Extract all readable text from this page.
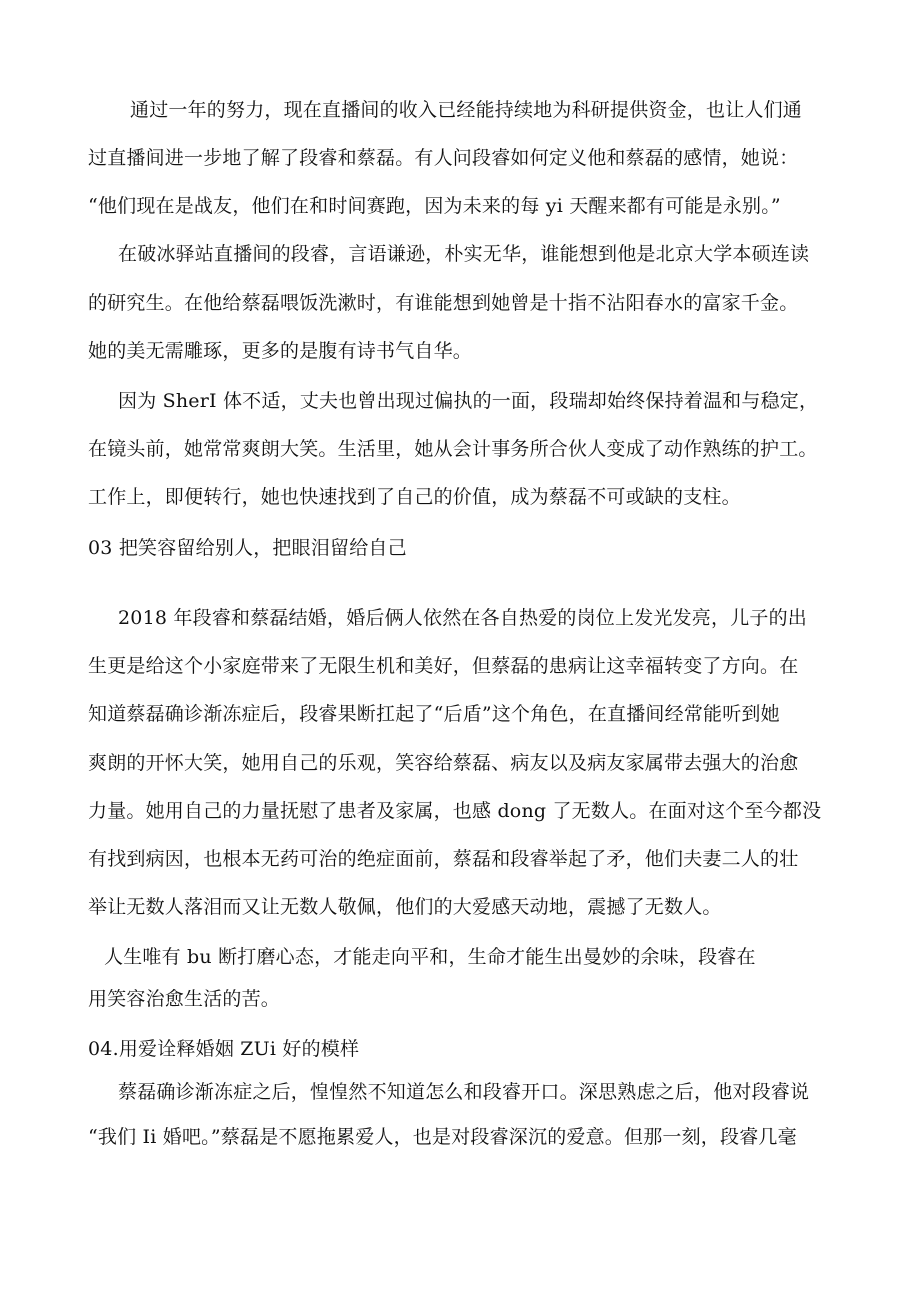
通过一年的努力，现在直播间的收入已经能持续地为科研提供资金，也让人们通
过直播间进一步地了解了段睿和蔡磊。有人问段睿如何定义他和蔡磊的感情，她说：
“他们现在是战友，他们在和时间赛跑，因为未来的每 yi 天醒来都有可能是永别。”
在破冰驿站直播间的段睿，言语谦逊，朴实无华，谁能想到他是北京大学本硕连读
的研究生。在他给蔡磊喂饭洗漱时，有谁能想到她曾是十指不沾阳春水的富家千金。
她的美无需雕琢，更多的是腹有诗书气自华。
因为 SherI 体不适，丈夫也曾出现过偏执的一面，段瑞却始终保持着温和与稳定，
在镜头前，她常常爽朗大笑。生活里，她从会计事务所合伙人变成了动作熟练的护工。
工作上，即便转行，她也快速找到了自己的价值，成为蔡磊不可或缺的支柱。
03 把笑容留给别人，把眼泪留给自己
2018 年段睿和蔡磊结婚，婚后俩人依然在各自热爱的岗位上发光发亮，儿子的出
生更是给这个小家庭带来了无限生机和美好，但蔡磊的患病让这幸福转变了方向。在
知道蔡磊确诊渐冻症后，段睿果断扛起了“后盾”这个角色，在直播间经常能听到她
爽朗的开怀大笑，她用自己的乐观，笑容给蔡磊、病友以及病友家属带去强大的治愈
力量。她用自己的力量抚慰了患者及家属，也感 dong 了无数人。在面对这个至今都没
有找到病因，也根本无药可治的绝症面前，蔡磊和段睿举起了矛，他们夫妻二人的壮
举让无数人落泪而又让无数人敬佩，他们的大爱感天动地，震撼了无数人。
人生唯有 bu 断打磨心态，才能走向平和，生命才能生出曼妙的余味，段睿在
用笑容治愈生活的苦。
04.用爱诠释婚姻 ZUi 好的模样
蔡磊确诊渐冻症之后，惶惶然不知道怎么和段睿开口。深思熟虑之后，他对段睿说
“我们 Ii 婚吧。”蔡磊是不愿拖累爱人，也是对段睿深沉的爱意。但那一刻，段睿几毫
